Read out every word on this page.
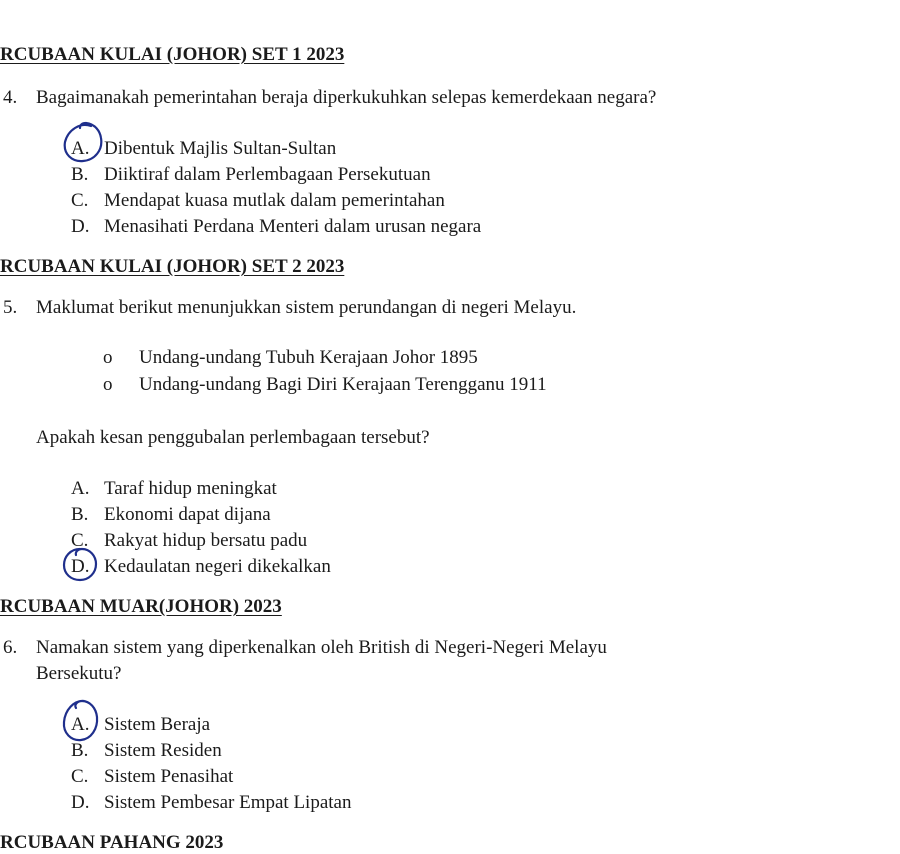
RCUBAAN KULAI (JOHOR) SET 1 2023
4. Bagaimanakah pemerintahan beraja diperkukuhkan selepas kemerdekaan negara?
A. Dibentuk Majlis Sultan-Sultan
B. Diiktiraf dalam Perlembagaan Persekutuan
C. Mendapat kuasa mutlak dalam pemerintahan
D. Menasihati Perdana Menteri dalam urusan negara
RCUBAAN KULAI (JOHOR) SET 2 2023
5. Maklumat berikut menunjukkan sistem perundangan di negeri Melayu.
o Undang-undang Tubuh Kerajaan Johor 1895
o Undang-undang Bagi Diri Kerajaan Terengganu 1911
Apakah kesan penggubalan perlembagaan tersebut?
A. Taraf hidup meningkat
B. Ekonomi dapat dijana
C. Rakyat hidup bersatu padu
D. Kedaulatan negeri dikekalkan
RCUBAAN MUAR(JOHOR) 2023
6. Namakan sistem yang diperkenalkan oleh British di Negeri-Negeri Melayu
Bersekutu?
A. Sistem Beraja
B. Sistem Residen
C. Sistem Penasihat
D. Sistem Pembesar Empat Lipatan
RCUBAAN PAHANG 2023
